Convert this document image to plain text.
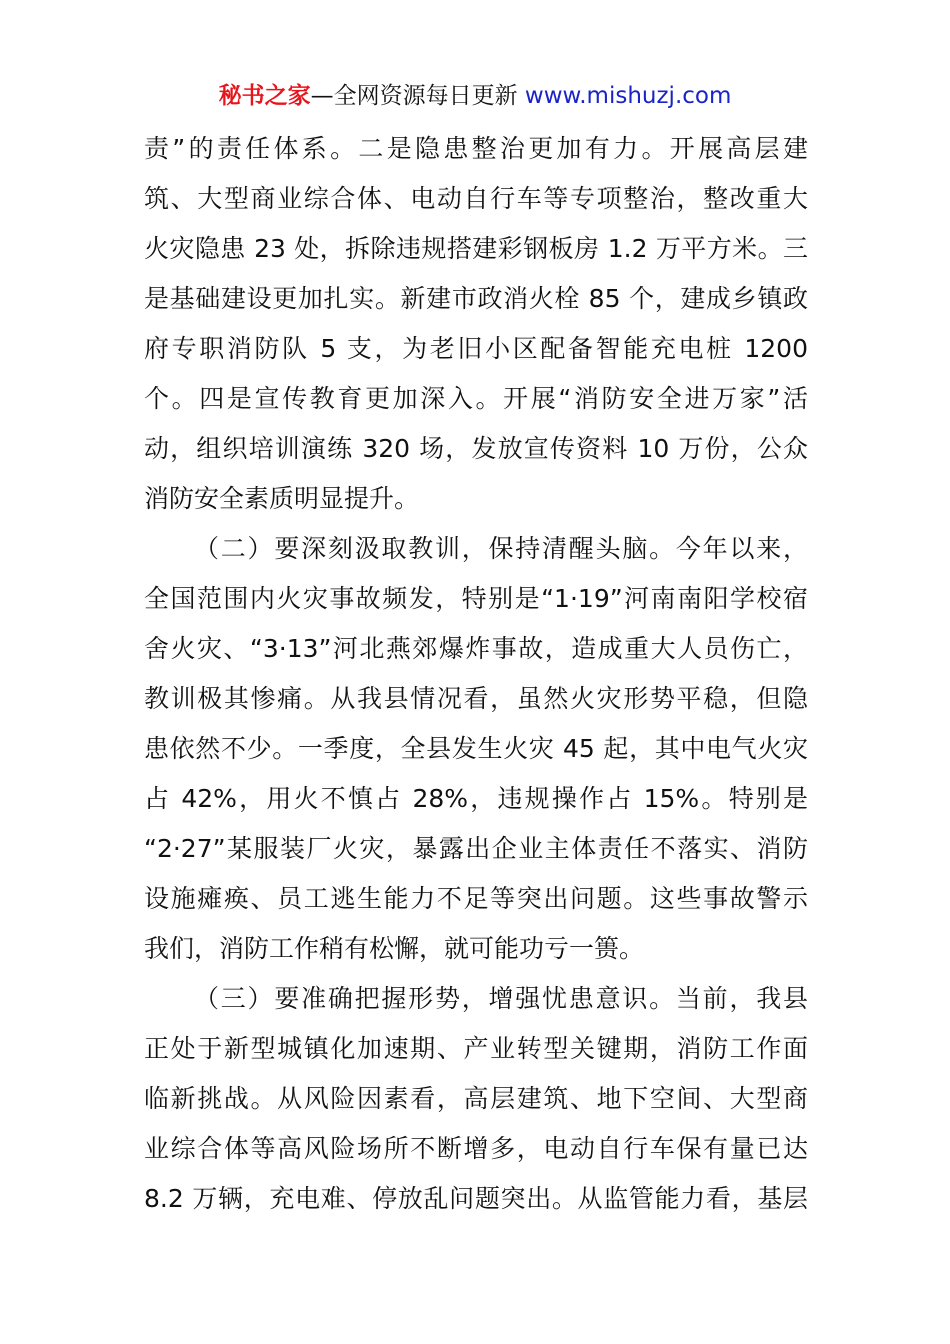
秘书之家—全网资源每日更新 www.mishuzj.com
责”的责任体系。二是隐患整治更加有力。开展高层建
筑、大型商业综合体、电动自行车等专项整治，整改重大
火灾隐患 23 处，拆除违规搭建彩钢板房 1.2 万平方米。三
是基础建设更加扎实。新建市政消火栓 85 个，建成乡镇政
府专职消防队 5 支，为老旧小区配备智能充电桩 1200
个。四是宣传教育更加深入。开展“消防安全进万家”活
动，组织培训演练 320 场，发放宣传资料 10 万份，公众
消防安全素质明显提升。
（二）要深刻汲取教训，保持清醒头脑。今年以来，
全国范围内火灾事故频发，特别是“1·19”河南南阳学校宿
舍火灾、“3·13”河北燕郊爆炸事故，造成重大人员伤亡，
教训极其惨痛。从我县情况看，虽然火灾形势平稳，但隐
患依然不少。一季度，全县发生火灾 45 起，其中电气火灾
占 42%，用火不慎占 28%，违规操作占 15%。特别是
“2·27”某服装厂火灾，暴露出企业主体责任不落实、消防
设施瘫痪、员工逃生能力不足等突出问题。这些事故警示
我们，消防工作稍有松懈，就可能功亏一篑。
（三）要准确把握形势，增强忧患意识。当前，我县
正处于新型城镇化加速期、产业转型关键期，消防工作面
临新挑战。从风险因素看，高层建筑、地下空间、大型商
业综合体等高风险场所不断增多，电动自行车保有量已达
8.2 万辆，充电难、停放乱问题突出。从监管能力看，基层
